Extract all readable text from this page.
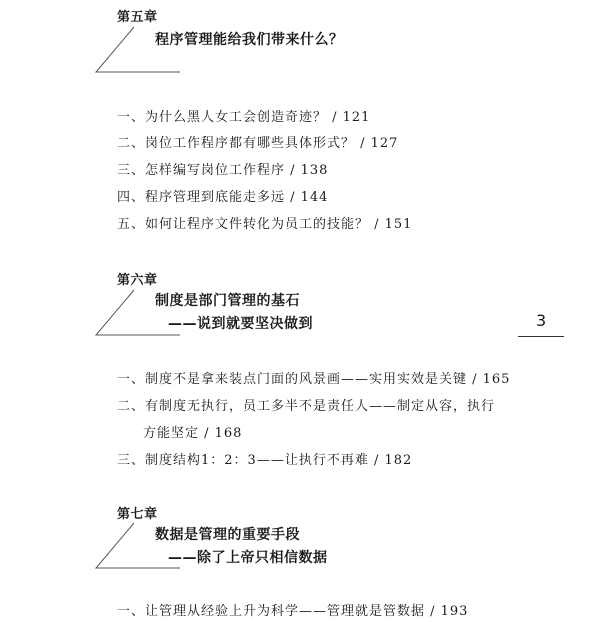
第五章
程序管理能给我们带来什么？
一、为什么黑人女工会创造奇迹？ / 121
二、岗位工作程序都有哪些具体形式？ / 127
三、怎样编写岗位工作程序 / 138
四、程序管理到底能走多远 / 144
五、如何让程序文件转化为员工的技能？ / 151
第六章
制度是部门管理的基石
——说到就要坚决做到	3
一、制度不是拿来装点门面的风景画——实用实效是关键 / 165
二、有制度无执行，员工多半不是责任人——制定从容，执行
方能坚定 / 168
三、制度结构1：2：3——让执行不再难 / 182
第七章
数据是管理的重要手段
——除了上帝只相信数据
一、让管理从经验上升为科学——管理就是管数据 / 193
